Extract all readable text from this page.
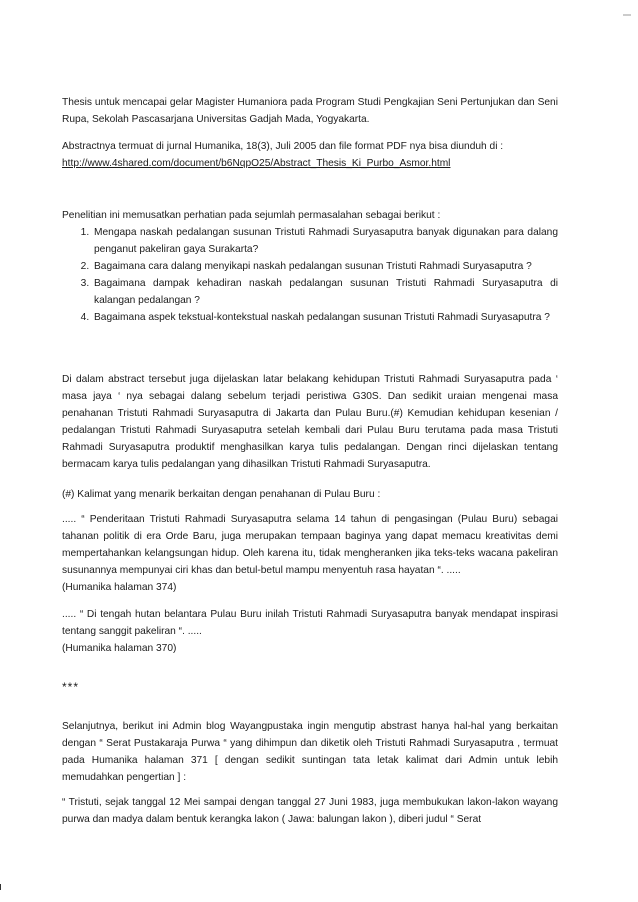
Thesis untuk mencapai gelar Magister Humaniora pada Program Studi Pengkajian Seni Pertunjukan dan Seni Rupa, Sekolah Pascasarjana Universitas Gadjah Mada, Yogyakarta.

Abstractnya termuat di jurnal Humanika, 18(3), Juli 2005 dan file format PDF nya bisa diunduh di :

http://www.4shared.com/document/b6NqpO25/Abstract_Thesis_Ki_Purbo_Asmor.html

Penelitian ini memusatkan perhatian pada sejumlah permasalahan sebagai berikut :

1. Mengapa naskah pedalangan susunan Tristuti Rahmadi Suryasaputra banyak digunakan para dalang penganut pakeliran gaya Surakarta?
2. Bagaimana cara dalang menyikapi naskah pedalangan susunan Tristuti Rahmadi Suryasaputra ?
3. Bagaimana dampak kehadiran naskah pedalangan susunan Tristuti Rahmadi Suryasaputra di kalangan pedalangan ?
4. Bagaimana aspek tekstual-kontekstual naskah pedalangan susunan Tristuti Rahmadi Suryasaputra ?

Di dalam abstract tersebut juga dijelaskan latar belakang kehidupan Tristuti Rahmadi Suryasaputra pada ‘ masa jaya ‘ nya sebagai dalang sebelum terjadi peristiwa G30S. Dan sedikit uraian mengenai masa penahanan Tristuti Rahmadi Suryasaputra di Jakarta dan Pulau Buru.(#) Kemudian kehidupan kesenian / pedalangan Tristuti Rahmadi Suryasaputra setelah kembali dari Pulau Buru terutama pada masa Tristuti Rahmadi Suryasaputra produktif menghasilkan karya tulis pedalangan. Dengan rinci dijelaskan tentang bermacam karya tulis pedalangan yang dihasilkan Tristuti Rahmadi Suryasaputra.

(#) Kalimat yang menarik berkaitan dengan penahanan di Pulau Buru :

..... “ Penderitaan Tristuti Rahmadi Suryasaputra selama 14 tahun di pengasingan (Pulau Buru) sebagai tahanan politik di era Orde Baru, juga merupakan tempaan baginya yang dapat memacu kreativitas demi mempertahankan kelangsungan hidup. Oleh karena itu, tidak mengheranken jika teks-teks wacana pakeliran susunannya mempunyai ciri khas dan betul-betul mampu menyentuh rasa hayatan “. .....

(Humanika halaman 374)

..... “ Di tengah hutan belantara Pulau Buru inilah Tristuti Rahmadi Suryasaputra banyak mendapat inspirasi tentang sanggit pakeliran “. .....

(Humanika halaman 370)

***

Selanjutnya, berikut ini Admin blog Wayangpustaka ingin mengutip abstrast hanya hal-hal yang berkaitan dengan “ Serat Pustakaraja Purwa “ yang dihimpun dan diketik oleh Tristuti Rahmadi Suryasaputra , termuat pada Humanika halaman 371 [ dengan sedikit suntingan tata letak kalimat dari Admin untuk lebih memudahkan pengertian ] :

“ Tristuti, sejak tanggal 12 Mei sampai dengan tanggal 27 Juni 1983, juga membukukan lakon-lakon wayang purwa dan madya dalam bentuk kerangka lakon ( Jawa: balungan lakon ), diberi judul “ Serat
